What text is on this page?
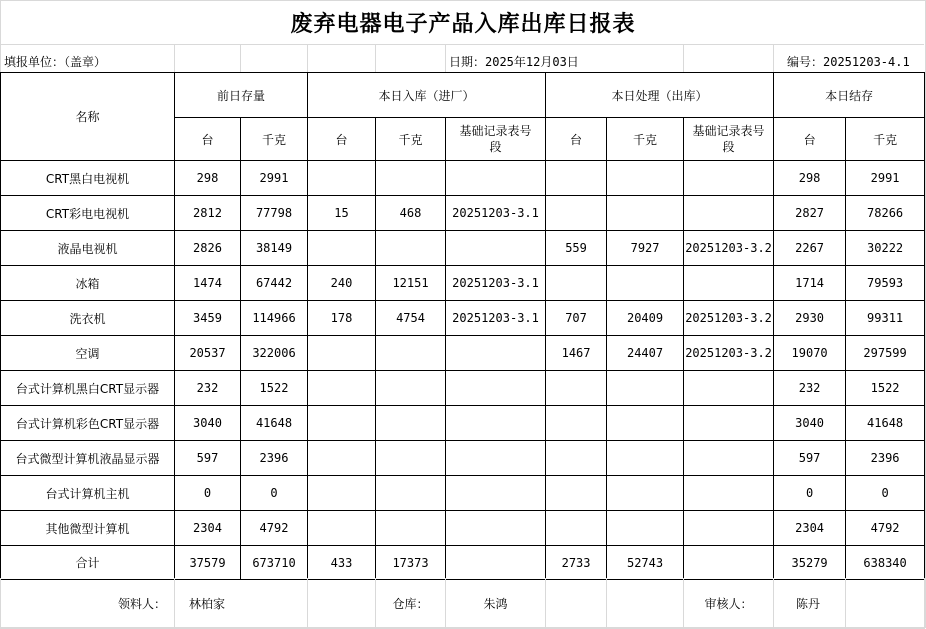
废弃电器电子产品入库出库日报表
填报单位：（盖章）	日期：2025年12月03日	编号：20251203-4.1
名称	前日存量		本日入库（进厂）			本日处理（出库）			本日结存	
	台	千克	台	千克	基础记录表号段	台	千克	基础记录表号段	台	千克
CRT黑白电视机	298	2991							298	2991
CRT彩电电视机	2812	77798	15	468	20251203-3.1				2827	78266
液晶电视机	2826	38149				559	7927	20251203-3.2	2267	30222
冰箱	1474	67442	240	12151	20251203-3.1				1714	79593
洗衣机	3459	114966	178	4754	20251203-3.1	707	20409	20251203-3.2	2930	99311
空调	20537	322006				1467	24407	20251203-3.2	19070	297599
台式计算机黑白CRT显示器	232	1522							232	1522
台式计算机彩色CRT显示器	3040	41648							3040	41648
台式微型计算机液晶显示器	597	2396							597	2396
台式计算机主机	0	0							0	0
其他微型计算机	2304	4792							2304	4792
合计	37579	673710	433	17373		2733	52743		35279	638340
领料人：	林柏家		仓库：	朱鸿			审核人：	陈丹	
